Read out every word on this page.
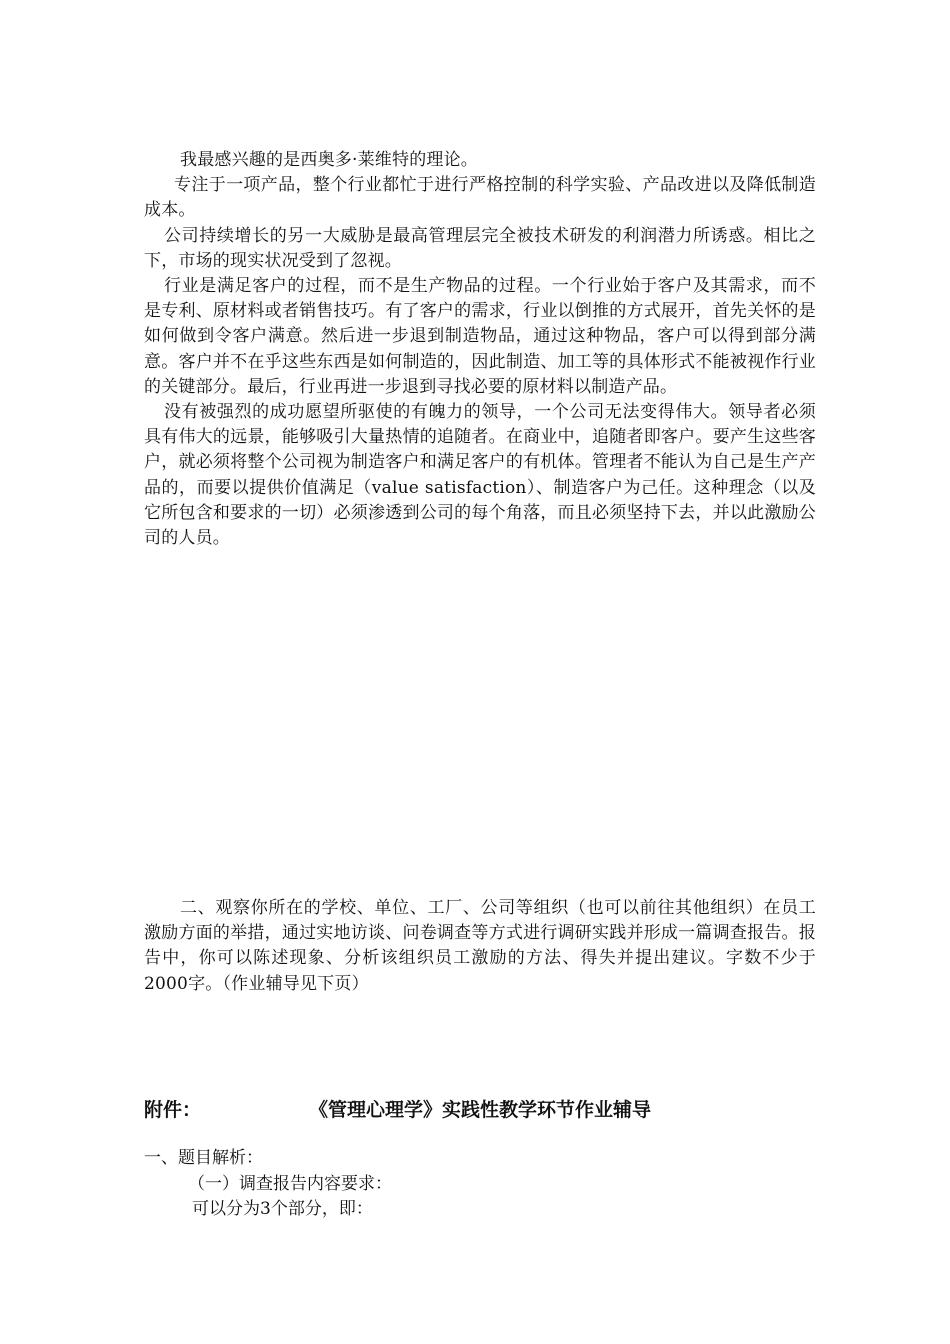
我最感兴趣的是西奥多·莱维特的理论。

专注于一项产品，整个行业都忙于进行严格控制的科学实验、产品改进以及降低制造成本。

公司持续增长的另一大威胁是最高管理层完全被技术研发的利润潜力所诱惑。相比之下，市场的现实状况受到了忽视。

行业是满足客户的过程，而不是生产物品的过程。一个行业始于客户及其需求，而不是专利、原材料或者销售技巧。有了客户的需求，行业以倒推的方式展开，首先关怀的是如何做到令客户满意。然后进一步退到制造物品，通过这种物品，客户可以得到部分满意。客户并不在乎这些东西是如何制造的，因此制造、加工等的具体形式不能被视作行业的关键部分。最后，行业再进一步退到寻找必要的原材料以制造产品。

没有被强烈的成功愿望所驱使的有魄力的领导，一个公司无法变得伟大。领导者必须具有伟大的远景，能够吸引大量热情的追随者。在商业中，追随者即客户。要产生这些客户，就必须将整个公司视为制造客户和满足客户的有机体。管理者不能认为自己是生产产品的，而要以提供价值满足（value satisfaction）、制造客户为己任。这种理念（以及它所包含和要求的一切）必须渗透到公司的每个角落，而且必须坚持下去，并以此激励公司的人员。

二、观察你所在的学校、单位、工厂、公司等组织（也可以前往其他组织）在员工激励方面的举措，通过实地访谈、问卷调查等方式进行调研实践并形成一篇调查报告。报告中，你可以陈述现象、分析该组织员工激励的方法、得失并提出建议。字数不少于2000字。（作业辅导见下页）

附件：	《管理心理学》实践性教学环节作业辅导

一、题目解析：

（一）调查报告内容要求：

可以分为3个部分，即：
